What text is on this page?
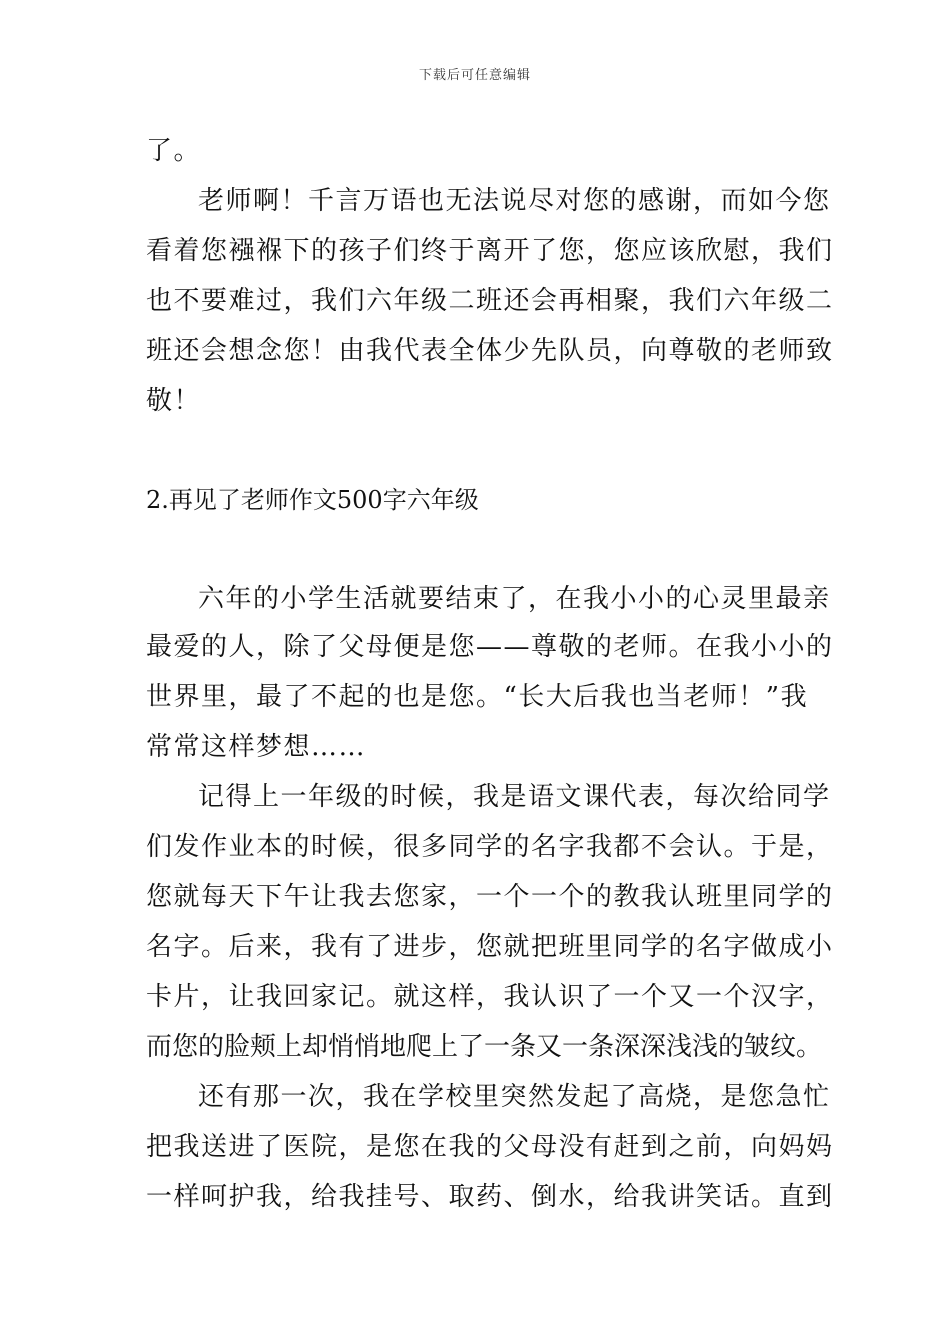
下载后可任意编辑
了。
老师啊！千言万语也无法说尽对您的感谢，而如今您
看着您襁褓下的孩子们终于离开了您，您应该欣慰，我们
也不要难过，我们六年级二班还会再相聚，我们六年级二
班还会想念您！由我代表全体少先队员，向尊敬的老师致
敬！
2.再见了老师作文500字六年级
六年的小学生活就要结束了，在我小小的心灵里最亲
最爱的人，除了父母便是您——尊敬的老师。在我小小的
世界里，最了不起的也是您。“长大后我也当老师！”我
常常这样梦想……
记得上一年级的时候，我是语文课代表，每次给同学
们发作业本的时候，很多同学的名字我都不会认。于是，
您就每天下午让我去您家，一个一个的教我认班里同学的
名字。后来，我有了进步，您就把班里同学的名字做成小
卡片，让我回家记。就这样，我认识了一个又一个汉字，
而您的脸颊上却悄悄地爬上了一条又一条深深浅浅的皱纹。
还有那一次，我在学校里突然发起了高烧，是您急忙
把我送进了医院，是您在我的父母没有赶到之前，向妈妈
一样呵护我，给我挂号、取药、倒水，给我讲笑话。直到
